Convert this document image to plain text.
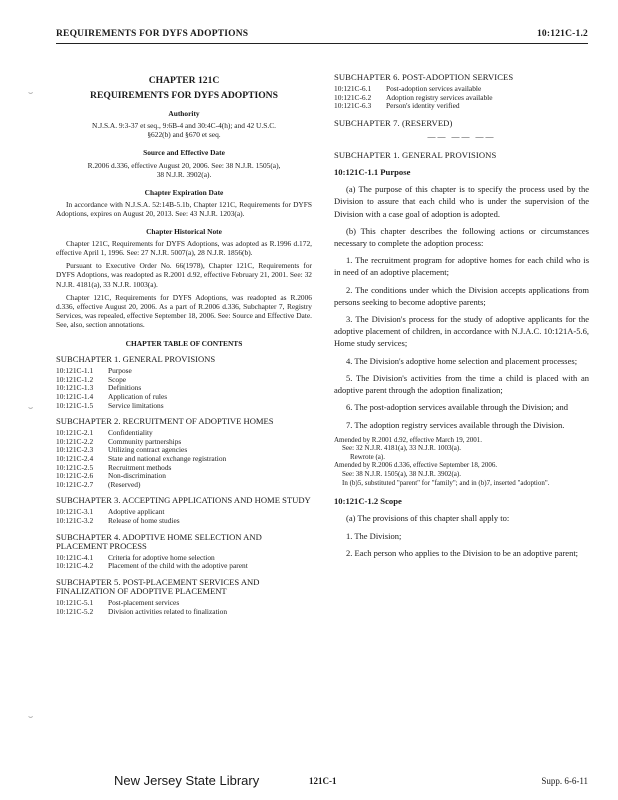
REQUIREMENTS FOR DYFS ADOPTIONS	10:121C-1.2
⌣
⌣
⌣
CHAPTER 121C
REQUIREMENTS FOR DYFS ADOPTIONS
Authority
N.J.S.A. 9:3-37 et seq., 9:6B-4 and 30:4C-4(h); and 42 U.S.C. §622(b) and §670 et seq.
Source and Effective Date
R.2006 d.336, effective August 20, 2006. See: 38 N.J.R. 1505(a), 38 N.J.R. 3902(a).
Chapter Expiration Date
In accordance with N.J.S.A. 52:14B-5.1b, Chapter 121C, Requirements for DYFS Adoptions, expires on August 20, 2013. See: 43 N.J.R. 1203(a).
Chapter Historical Note
Chapter 121C, Requirements for DYFS Adoptions, was adopted as R.1996 d.172, effective April 1, 1996. See: 27 N.J.R. 5007(a), 28 N.J.R. 1856(b).
Pursuant to Executive Order No. 66(1978), Chapter 121C, Requirements for DYFS Adoptions, was readopted as R.2001 d.92, effective February 21, 2001. See: 32 N.J.R. 4181(a), 33 N.J.R. 1003(a).
Chapter 121C, Requirements for DYFS Adoptions, was readopted as R.2006 d.336, effective August 20, 2006. As a part of R.2006 d.336, Subchapter 7, Registry Services, was repealed, effective September 18, 2006. See: Source and Effective Date. See, also, section annotations.
CHAPTER TABLE OF CONTENTS
SUBCHAPTER 1. GENERAL PROVISIONS
10:121C-1.1	Purpose
10:121C-1.2	Scope
10:121C-1.3	Definitions
10:121C-1.4	Application of rules
10:121C-1.5	Service limitations
SUBCHAPTER 2. RECRUITMENT OF ADOPTIVE HOMES
10:121C-2.1	Confidentiality
10:121C-2.2	Community partnerships
10:121C-2.3	Utilizing contract agencies
10:121C-2.4	State and national exchange registration
10:121C-2.5	Recruitment methods
10:121C-2.6	Non-discrimination
10:121C-2.7	(Reserved)
SUBCHAPTER 3. ACCEPTING APPLICATIONS AND HOME STUDY
10:121C-3.1	Adoptive applicant
10:121C-3.2	Release of home studies
SUBCHAPTER 4. ADOPTIVE HOME SELECTION AND PLACEMENT PROCESS
10:121C-4.1	Criteria for adoptive home selection
10:121C-4.2	Placement of the child with the adoptive parent
SUBCHAPTER 5. POST-PLACEMENT SERVICES AND FINALIZATION OF ADOPTIVE PLACEMENT
10:121C-5.1	Post-placement services
10:121C-5.2	Division activities related to finalization
SUBCHAPTER 6. POST-ADOPTION SERVICES
10:121C-6.1	Post-adoption services available
10:121C-6.2	Adoption registry services available
10:121C-6.3	Person's identity verified
SUBCHAPTER 7. (RESERVED)
—— —— ——
SUBCHAPTER 1. GENERAL PROVISIONS
10:121C-1.1 Purpose
(a) The purpose of this chapter is to specify the process used by the Division to assure that each child who is under the supervision of the Division with a case goal of adoption is adopted.
(b) This chapter describes the following actions or circumstances necessary to complete the adoption process:
1. The recruitment program for adoptive homes for each child who is in need of an adoptive placement;
2. The conditions under which the Division accepts applications from persons seeking to become adoptive parents;
3. The Division's process for the study of adoptive applicants for the adoptive placement of children, in accordance with N.J.A.C. 10:121A-5.6, Home study services;
4. The Division's adoptive home selection and placement processes;
5. The Division's activities from the time a child is placed with an adoptive parent through the adoption finalization;
6. The post-adoption services available through the Division; and
7. The adoption registry services available through the Division.
Amended by R.2001 d.92, effective March 19, 2001.
See: 32 N.J.R. 4181(a), 33 N.J.R. 1003(a).
Rewrote (a).
Amended by R.2006 d.336, effective September 18, 2006.
See: 38 N.J.R. 1505(a), 38 N.J.R. 3902(a).
In (b)5, substituted "parent" for "family"; and in (b)7, inserted "adoption".
10:121C-1.2 Scope
(a) The provisions of this chapter shall apply to:
1. The Division;
2. Each person who applies to the Division to be an adoptive parent;
New Jersey State Library	121C-1	Supp. 6-6-11
